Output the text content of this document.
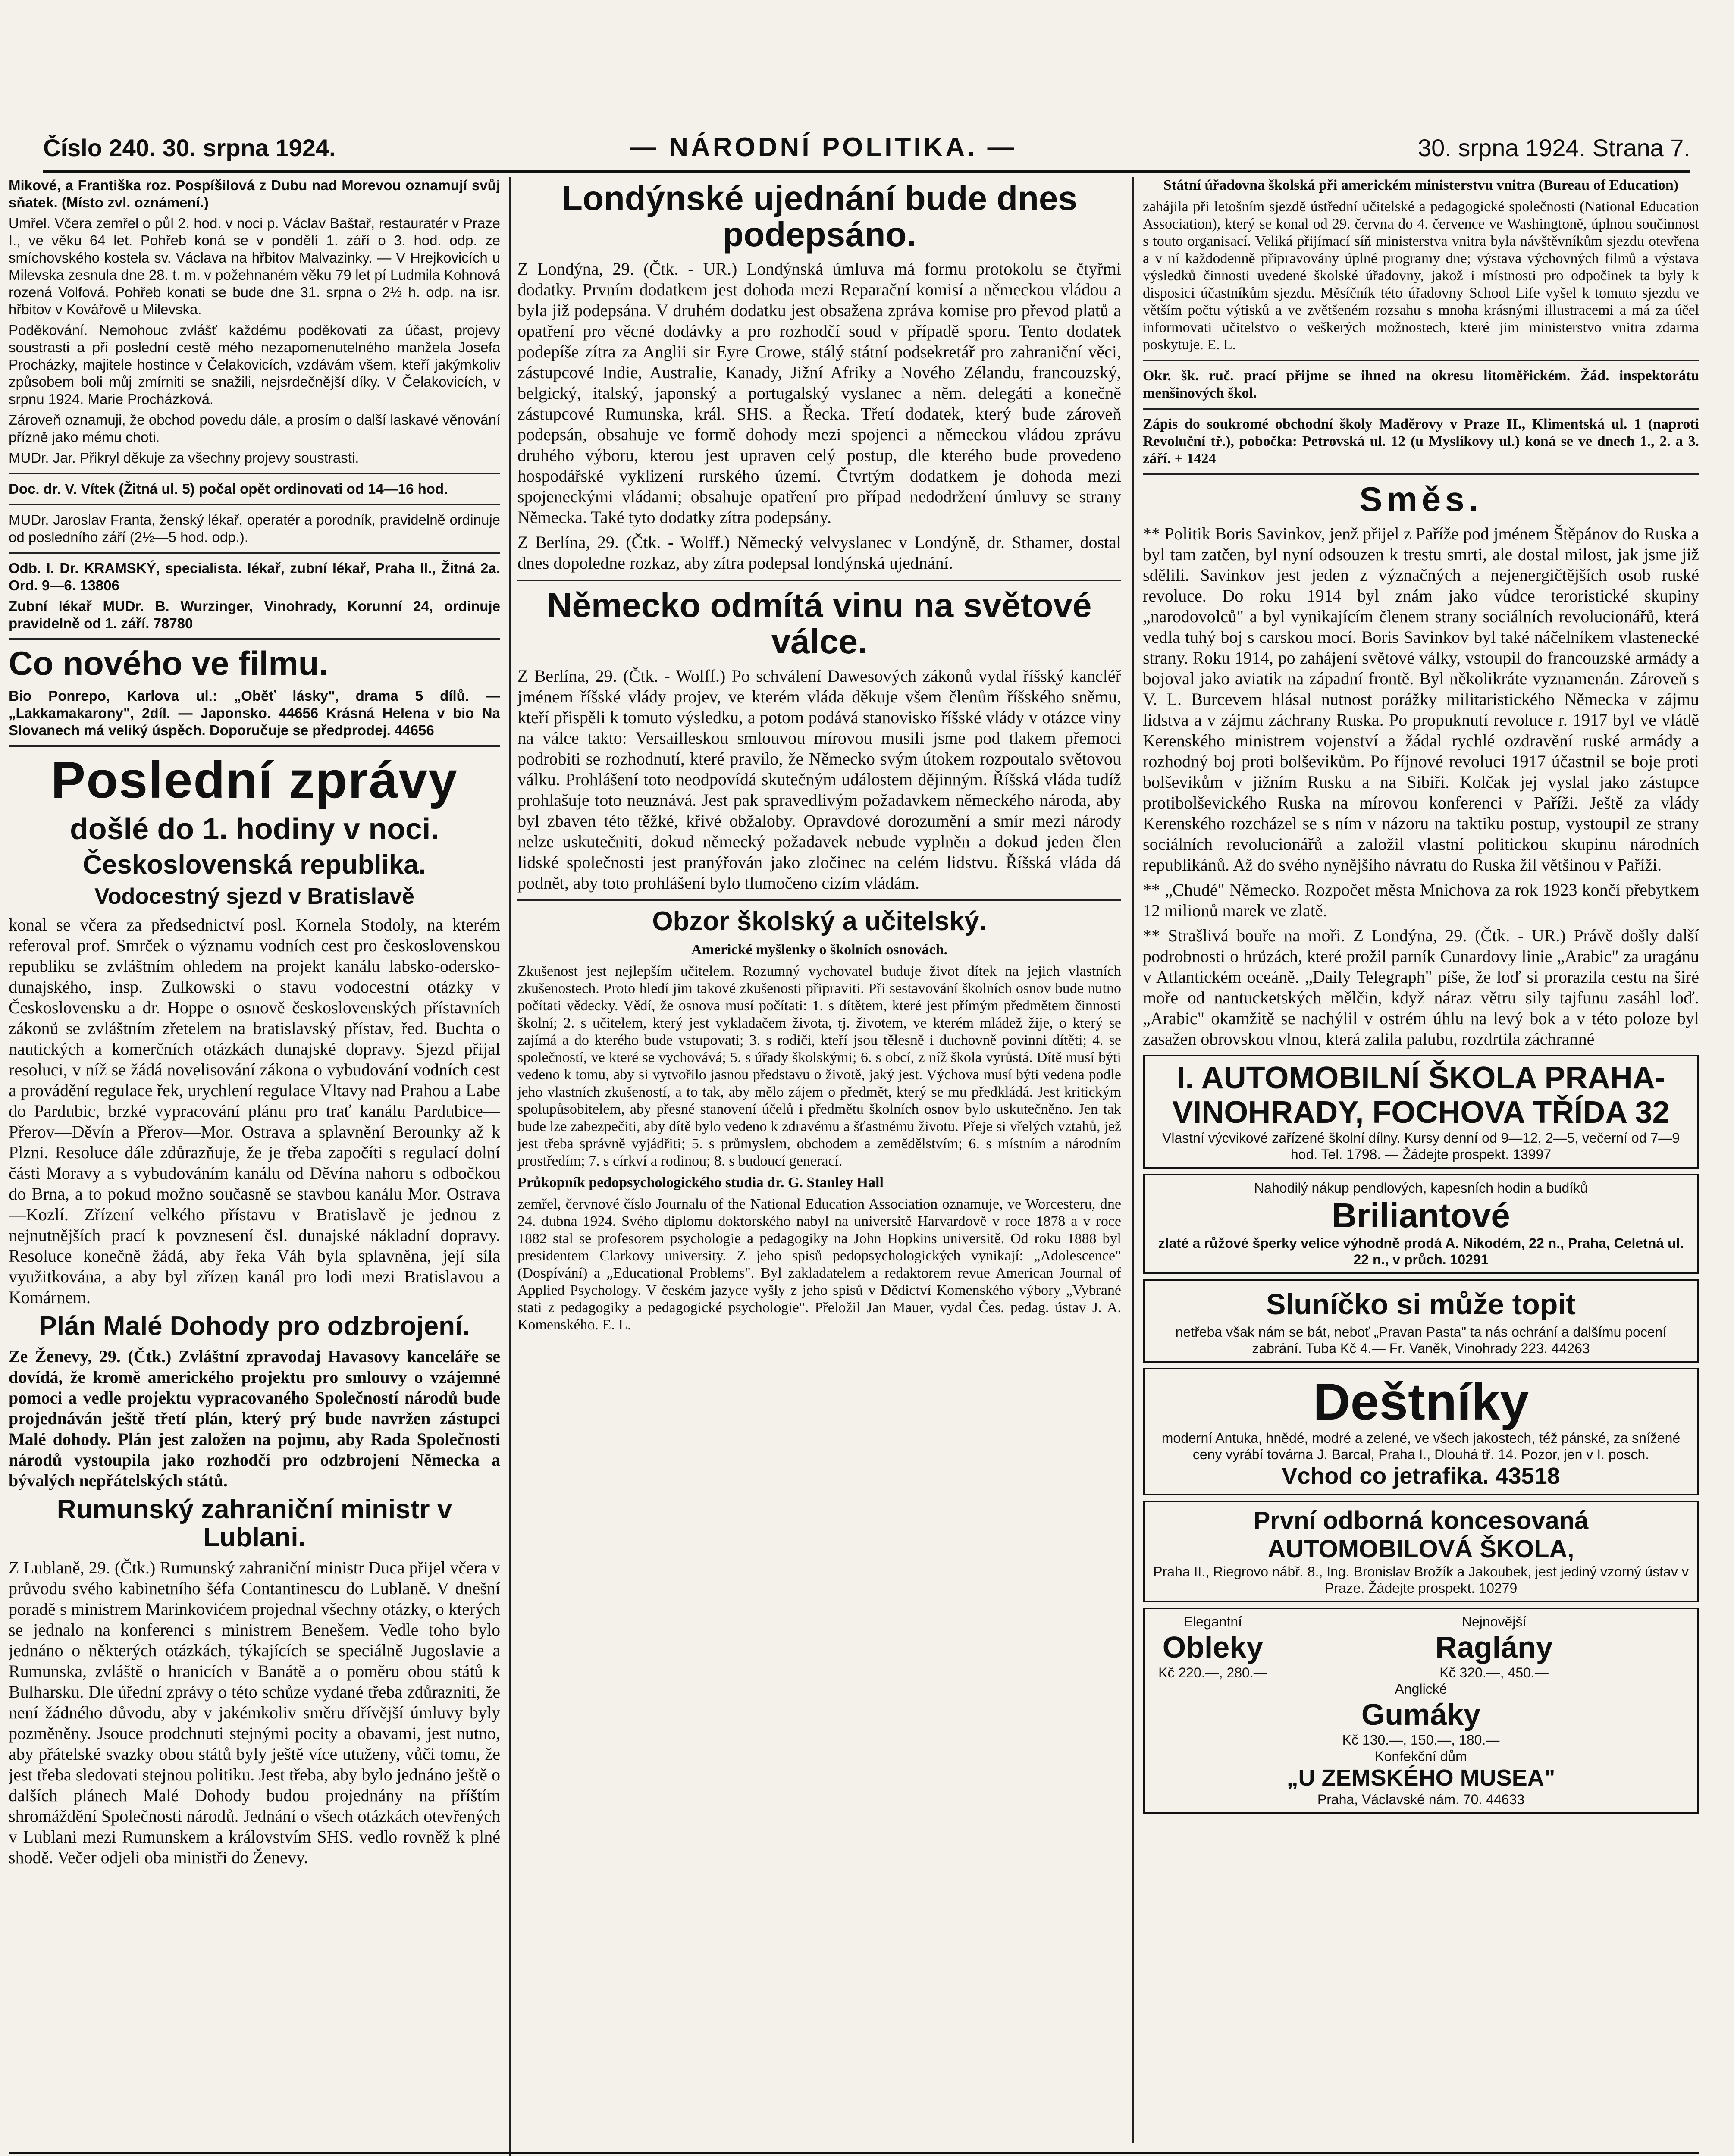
Číslo 240. 30. srpna 1924.	— NÁRODNÍ POLITIKA. —	30. srpna 1924. Strana 7.

Mikové, a Františka roz. Pospíšilová z Dubu nad Morevou oznamují svůj sňatek. (Místo zvl. oznámení.)

Umřel. Včera zemřel o půl 2. hod. v noci p. Václav Baštař, restauratér v Praze I., ve věku 64 let. Pohřeb koná se v pondělí 1. září o 3. hod. odp. ze smíchovského kostela sv. Václava na hřbitov Malvazinky. — V Hrejkovicích u Milevska zesnula dne 28. t. m. v požehnaném věku 79 let pí Ludmila Kohnová rozená Volfová. Pohřeb konati se bude dne 31. srpna o 2½ h. odp. na isr. hřbitov v Kovářově u Milevska.

Poděkování. Nemohouc zvlášť každému poděkovati za účast, projevy soustrasti a při poslední cestě mého nezapomenutelného manžela Josefa Procházky, majitele hostince v Čelakovicích, vzdávám všem, kteří jakýmkoliv způsobem boli můj zmírniti se snažili, nejsrdečnější díky. V Čelakovicích, v srpnu 1924. Marie Procházková.

Zároveň oznamuji, že obchod povedu dále, a prosím o další laskavé věnování přízně jako mému choti.

MUDr. Jar. Přikryl děkuje za všechny projevy soustrasti.

Doc. dr. V. Vítek (Žitná ul. 5) počal opět ordinovati od 14—16 hod.

MUDr. Jaroslav Franta, ženský lékař, operatér a porodník, pravidelně ordinuje od posledního září (2½—5 hod. odp.).

Odb. l. Dr. KRAMSKÝ, specialista. lékař, zubní lékař, Praha II., Žitná 2a. Ord. 9—6. 13806

Zubní lékař MUDr. B. Wurzinger, Vinohrady, Korunní 24, ordinuje pravidelně od 1. září. 78780

Co nového ve filmu.

Bio Ponrepo, Karlova ul.: „Oběť lásky", drama 5 dílů. — „Lakkamakarony", 2díl. — Japonsko. 44656 Krásná Helena v bio Na Slovanech má veliký úspěch. Doporučuje se předprodej. 44656

Poslední zprávy
došlé do 1. hodiny v noci.
Československá republika.
Vodocestný sjezd v Bratislavě

konal se včera za předsednictví posl. Kornela Stodoly, na kterém referoval prof. Smrček o významu vodních cest pro československou republiku se zvláštním ohledem na projekt kanálu labsko-odersko-dunajského, insp. Zulkowski o stavu vodocestní otázky v Československu a dr. Hoppe o osnově československých přístavních zákonů se zvláštním zřetelem na bratislavský přístav, řed. Buchta o nautických a komerčních otázkách dunajské dopravy. Sjezd přijal resoluci, v níž se žádá novelisování zákona o vybudování vodních cest a provádění regulace řek, urychlení regulace Vltavy nad Prahou a Labe do Pardubic, brzké vypracování plánu pro trať kanálu Pardubice—Přerov—Děvín a Přerov—Mor. Ostrava a splavnění Berounky až k Plzni. Resoluce dále zdůrazňuje, že je třeba započíti s regulací dolní části Moravy a s vybudováním kanálu od Děvína nahoru s odbočkou do Brna, a to pokud možno současně se stavbou kanálu Mor. Ostrava—Kozlí. Zřízení velkého přístavu v Bratislavě je jednou z nejnutnějších prací k povznesení čsl. dunajské nákladní dopravy. Resoluce konečně žádá, aby řeka Váh byla splavněna, její síla využitkována, a aby byl zřízen kanál pro lodi mezi Bratislavou a Komárnem.

Plán Malé Dohody pro odzbrojení.

Ze Ženevy, 29. (Čtk.) Zvláštní zpravodaj Havasovy kanceláře se dovídá, že kromě amerického projektu pro smlouvy o vzájemné pomoci a vedle projektu vypracovaného Společností národů bude projednáván ještě třetí plán, který prý bude navržen zástupci Malé dohody. Plán jest založen na pojmu, aby Rada Společnosti národů vystoupila jako rozhodčí pro odzbrojení Německa a bývalých nepřátelských států.

Rumunský zahraniční ministr v Lublani.

Z Lublaně, 29. (Čtk.) Rumunský zahraniční ministr Duca přijel včera v průvodu svého kabinetního šéfa Contantinescu do Lublaně. V dnešní poradě s ministrem Marinkovićem projednal všechny otázky, o kterých se jednalo na konferenci s ministrem Benešem. Vedle toho bylo jednáno o některých otázkách, týkajících se speciálně Jugoslavie a Rumunska, zvláště o hranicích v Banátě a o poměru obou států k Bulharsku. Dle úřední zprávy o této schůze vydané třeba zdůrazniti, že není žádného důvodu, aby v jakémkoliv směru dřívější úmluvy byly pozměněny. Jsouce prodchnuti stejnými pocity a obavami, jest nutno, aby přátelské svazky obou států byly ještě více utuženy, vůči tomu, že jest třeba sledovati stejnou politiku. Jest třeba, aby bylo jednáno ještě o dalších plánech Malé Dohody budou projednány na příštím shromáždění Společnosti národů. Jednání o všech otázkách otevřených v Lublani mezi Rumunskem a královstvím SHS. vedlo rovněž k plné shodě. Večer odjeli oba ministři do Ženevy.

Londýnské ujednání bude dnes podepsáno.

Z Londýna, 29. (Čtk. - UR.) Londýnská úmluva má formu protokolu se čtyřmi dodatky. Prvním dodatkem jest dohoda mezi Reparační komisí a německou vládou a byla již podepsána. V druhém dodatku jest obsažena zpráva komise pro převod platů a opatření pro věcné dodávky a pro rozhodčí soud v případě sporu. Tento dodatek podepíše zítra za Anglii sir Eyre Crowe, stálý státní podsekretář pro zahraniční věci, zástupcové Indie, Australie, Kanady, Jižní Afriky a Nového Zélandu, francouzský, belgický, italský, japonský a portugalský vyslanec a něm. delegáti a konečně zástupcové Rumunska, král. SHS. a Řecka. Třetí dodatek, který bude zároveň podepsán, obsahuje ve formě dohody mezi spojenci a německou vládou zprávu druhého výboru, kterou jest upraven celý postup, dle kterého bude provedeno hospodářské vyklizení rurského území. Čtvrtým dodatkem je dohoda mezi spojeneckými vládami; obsahuje opatření pro případ nedodržení úmluvy se strany Německa. Také tyto dodatky zítra podepsány.

Z Berlína, 29. (Čtk. - Wolff.) Německý velvyslanec v Londýně, dr. Sthamer, dostal dnes dopoledne rozkaz, aby zítra podepsal londýnská ujednání.

Německo odmítá vinu na světové válce.

Z Berlína, 29. (Čtk. - Wolff.) Po schválení Dawesových zákonů vydal říšský kancléř jménem říšské vlády projev, ve kterém vláda děkuje všem členům říšského sněmu, kteří přispěli k tomuto výsledku, a potom podává stanovisko říšské vlády v otázce viny na válce takto: Versailleskou smlouvou mírovou musili jsme pod tlakem přemoci podrobiti se rozhodnutí, které pravilo, že Německo svým útokem rozpoutalo světovou válku. Prohlášení toto neodpovídá skutečným událostem dějinným. Říšská vláda tudíž prohlašuje toto neuznává. Jest pak spravedlivým požadavkem německého národa, aby byl zbaven této těžké, křivé obžaloby. Opravdové dorozumění a smír mezi národy nelze uskutečniti, dokud německý požadavek nebude vyplněn a dokud jeden člen lidské společnosti jest pranýřován jako zločinec na celém lidstvu. Říšská vláda dá podnět, aby toto prohlášení bylo tlumočeno cizím vládám.

Obzor školský a učitelský.

Americké myšlenky o školních osnovách.

Zkušenost jest nejlepším učitelem. Rozumný vychovatel buduje život dítek na jejich vlastních zkušenostech. Proto hledí jim takové zkušenosti připraviti. Při sestavování školních osnov bude nutno počítati vědecky. Vědí, že osnova musí počítati: 1. s dítětem, které jest přímým předmětem činnosti školní; 2. s učitelem, který jest vykladačem života, tj. životem, ve kterém mládež žije, o který se zajímá a do kterého bude vstupovati; 3. s rodiči, kteří jsou tělesně i duchovně povinni dítěti; 4. se společností, ve které se vychovává; 5. s úřady školskými; 6. s obcí, z níž škola vyrůstá. Dítě musí býti vedeno k tomu, aby si vytvořilo jasnou představu o životě, jaký jest. Výchova musí býti vedena podle jeho vlastních zkušeností, a to tak, aby mělo zájem o předmět, který se mu předkládá. Jest kritickým spolupůsobitelem, aby přesné stanovení účelů i předmětu školních osnov bylo uskutečněno. Jen tak bude lze zabezpečiti, aby dítě bylo vedeno k zdravému a šťastnému životu. Přeje si vřelých vztahů, jež jest třeba správně vyjádřiti; 5. s průmyslem, obchodem a zemědělstvím; 6. s místním a národním prostředím; 7. s církví a rodinou; 8. s budoucí generací.

Průkopník pedopsychologického studia dr. G. Stanley Hall

zemřel, červnové číslo Journalu of the National Education Association oznamuje, ve Worcesteru, dne 24. dubna 1924. Svého diplomu doktorského nabyl na universitě Harvardově v roce 1878 a v roce 1882 stal se profesorem psychologie a pedagogiky na John Hopkins universitě. Od roku 1888 byl presidentem Clarkovy university. Z jeho spisů pedopsychologických vynikají: „Adolescence" (Dospívání) a „Educational Problems". Byl zakladatelem a redaktorem revue American Journal of Applied Psychology. V českém jazyce vyšly z jeho spisů v Dědictví Komenského výbory „Vybrané stati z pedagogiky a pedagogické psychologie". Přeložil Jan Mauer, vydal Čes. pedag. ústav J. A. Komenského. E. L.

Státní úřadovna školská při americkém ministerstvu vnitra (Bureau of Education)

zahájila při letošním sjezdě ústřední učitelské a pedagogické společnosti (National Education Association), který se konal od 29. června do 4. července ve Washingtoně, úplnou součinnost s touto organisací. Veliká přijímací síň ministerstva vnitra byla návštěvníkům sjezdu otevřena a v ní každodenně připravovány úplné programy dne; výstava výchovných filmů a výstava výsledků činnosti uvedené školské úřadovny, jakož i místnosti pro odpočinek ta byly k disposici účastníkům sjezdu. Měsíčník této úřadovny School Life vyšel k tomuto sjezdu ve větším počtu výtisků a ve zvětšeném rozsahu s mnoha krásnými illustracemi a má za účel informovati učitelstvo o veškerých možnostech, které jim ministerstvo vnitra zdarma poskytuje. E. L.

Okr. šk. ruč. prací přijme se ihned na okresu litoměřickém. Žád. inspektorátu menšinových škol.

Zápis do soukromé obchodní školy Maděrovy v Praze II., Klimentská ul. 1 (naproti Revoluční tř.), pobočka: Petrovská ul. 12 (u Myslíkovy ul.) koná se ve dnech 1., 2. a 3. září. + 1424

Směs.

** Politik Boris Savinkov, jenž přijel z Paříže pod jménem Štěpánov do Ruska a byl tam zatčen, byl nyní odsouzen k trestu smrti, ale dostal milost, jak jsme již sdělili. Savinkov jest jeden z význačných a nejenergičtějších osob ruské revoluce. Do roku 1914 byl znám jako vůdce teroristické skupiny „narodovolců" a byl vynikajícím členem strany sociálních revolucionářů, která vedla tuhý boj s carskou mocí. Boris Savinkov byl také náčelníkem vlastenecké strany. Roku 1914, po zahájení světové války, vstoupil do francouzské armády a bojoval jako aviatik na západní frontě. Byl několikráte vyznamenán. Zároveň s V. L. Burcevem hlásal nutnost porážky militaristického Německa v zájmu lidstva a v zájmu záchrany Ruska. Po propuknutí revoluce r. 1917 byl ve vládě Kerenského ministrem vojenství a žádal rychlé ozdravění ruské armády a rozhodný boj proti bolševikům. Po říjnové revoluci 1917 účastnil se boje proti bolševikům v jižním Rusku a na Sibiři. Kolčak jej vyslal jako zástupce protibolševického Ruska na mírovou konferenci v Paříži. Ještě za vlády Kerenského rozcházel se s ním v názoru na taktiku postup, vystoupil ze strany sociálních revolucionářů a založil vlastní politickou skupinu národních republikánů. Až do svého nynějšího návratu do Ruska žil většinou v Paříži.

** „Chudé" Německo. Rozpočet města Mnichova za rok 1923 končí přebytkem 12 milionů marek ve zlatě.

** Strašlivá bouře na moři. Z Londýna, 29. (Čtk. - UR.) Právě došly další podrobnosti o hrůzách, které prožil parník Cunardovy linie „Arabic" za uragánu v Atlantickém oceáně. „Daily Telegraph" píše, že loď si prorazila cestu na širé moře od nantucketských mělčin, když náraz větru sily tajfunu zasáhl loď. „Arabic" okamžitě se nachýlil v ostrém úhlu na levý bok a v této poloze byl zasažen obrovskou vlnou, která zalila palubu, rozdrtila záchranné

I. AUTOMOBILNÍ ŠKOLA PRAHA-VINOHRADY, FOCHOVA TŘÍDA 32
Vlastní výcvikové zařízené školní dílny. Kursy denní od 9—12, 2—5, večerní od 7—9 hod. Tel. 1798. — Žádejte prospekt. 13997
Nahodilý nákup pendlových, kapesních hodin a budíků
Briliantové
zlaté a růžové šperky velice výhodně prodá A. Nikodém, 22 n., Praha, Celetná ul. 22 n., v průch. 10291
Sluníčko si může topit
netřeba však nám se bát, neboť „Pravan Pasta" ta nás ochrání a dalšímu pocení zabrání. Tuba Kč 4.— Fr. Vaněk, Vinohrady 223. 44263
Deštníky
moderní Antuka, hnědé, modré a zelené, ve všech jakostech, též pánské, za snížené ceny vyrábí továrna J. Barcal, Praha I., Dlouhá tř. 14. Pozor, jen v I. posch.
Vchod co jetrafika. 43518
První odborná koncesovaná AUTOMOBILOVÁ ŠKOLA,
Praha II., Riegrovo nábř. 8., Ing. Bronislav Brožík a Jakoubek, jest jediný vzorný ústav v Praze. Žádejte prospekt. 10279
Elegantní
Obleky
Kč 220.—, 280.—
Nejnovější
Raglány
Kč 320.—, 450.—
Anglické
Gumáky
Kč 130.—, 150.—, 180.—
Konfekční dům
„U ZEMSKÉHO MUSEA"
Praha, Václavské nám. 70. 44633
